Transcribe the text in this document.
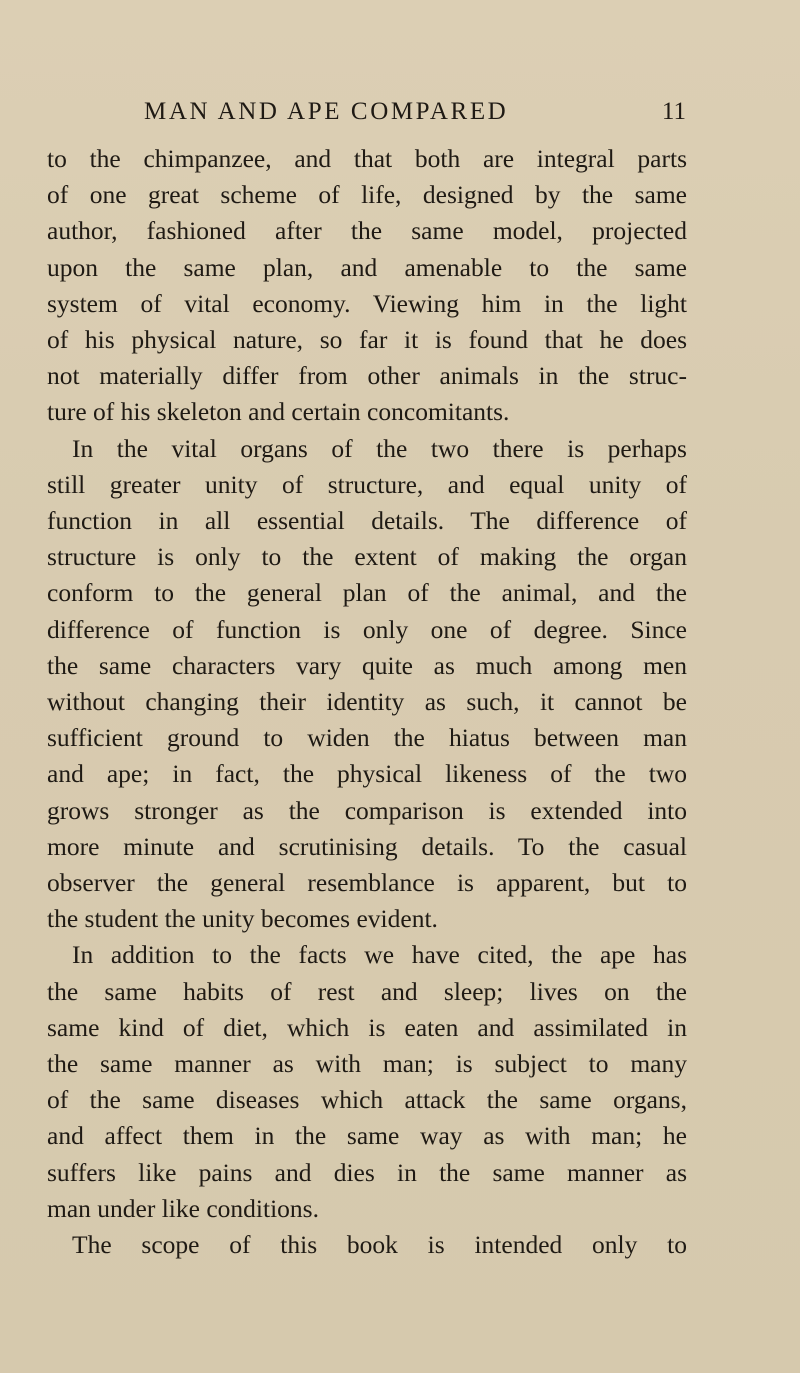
MAN AND APE COMPARED	11

to the chimpanzee, and that both are integral parts
of one great scheme of life, designed by the same
author, fashioned after the same model, projected
upon the same plan, and amenable to the same
system of vital economy. Viewing him in the light
of his physical nature, so far it is found that he does
not materially differ from other animals in the struc-
ture of his skeleton and certain concomitants.

In the vital organs of the two there is perhaps
still greater unity of structure, and equal unity of
function in all essential details. The difference of
structure is only to the extent of making the organ
conform to the general plan of the animal, and the
difference of function is only one of degree. Since
the same characters vary quite as much among men
without changing their identity as such, it cannot be
sufficient ground to widen the hiatus between man
and ape; in fact, the physical likeness of the two
grows stronger as the comparison is extended into
more minute and scrutinising details. To the casual
observer the general resemblance is apparent, but to
the student the unity becomes evident.

In addition to the facts we have cited, the ape has
the same habits of rest and sleep; lives on the
same kind of diet, which is eaten and assimilated in
the same manner as with man; is subject to many
of the same diseases which attack the same organs,
and affect them in the same way as with man; he
suffers like pains and dies in the same manner as
man under like conditions.

The scope of this book is intended only to
